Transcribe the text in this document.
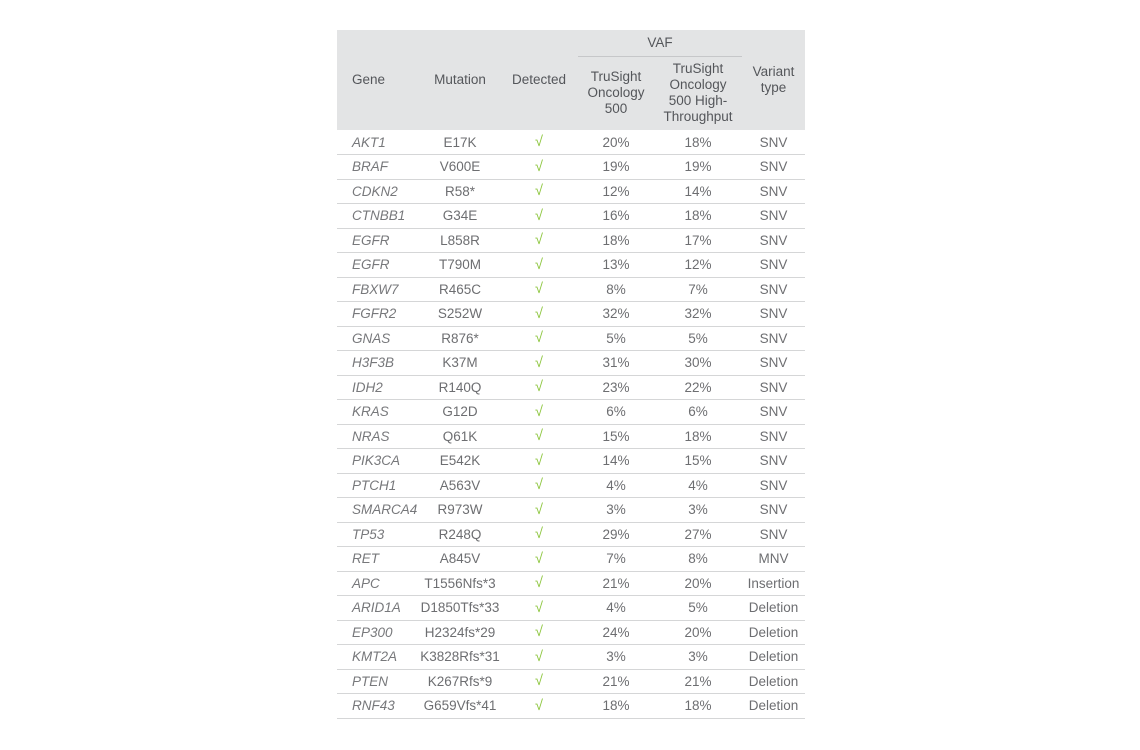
Gene	Mutation	Detected	VAF		Variant type
			TruSight Oncology 500	TruSight Oncology 500 High-Throughput	
AKT1	E17K	√	20%	18%	SNV
BRAF	V600E	√	19%	19%	SNV
CDKN2	R58*	√	12%	14%	SNV
CTNBB1	G34E	√	16%	18%	SNV
EGFR	L858R	√	18%	17%	SNV
EGFR	T790M	√	13%	12%	SNV
FBXW7	R465C	√	8%	7%	SNV
FGFR2	S252W	√	32%	32%	SNV
GNAS	R876*	√	5%	5%	SNV
H3F3B	K37M	√	31%	30%	SNV
IDH2	R140Q	√	23%	22%	SNV
KRAS	G12D	√	6%	6%	SNV
NRAS	Q61K	√	15%	18%	SNV
PIK3CA	E542K	√	14%	15%	SNV
PTCH1	A563V	√	4%	4%	SNV
SMARCA4	R973W	√	3%	3%	SNV
TP53	R248Q	√	29%	27%	SNV
RET	A845V	√	7%	8%	MNV
APC	T1556Nfs*3	√	21%	20%	Insertion
ARID1A	D1850Tfs*33	√	4%	5%	Deletion
EP300	H2324fs*29	√	24%	20%	Deletion
KMT2A	K3828Rfs*31	√	3%	3%	Deletion
PTEN	K267Rfs*9	√	21%	21%	Deletion
RNF43	G659Vfs*41	√	18%	18%	Deletion
